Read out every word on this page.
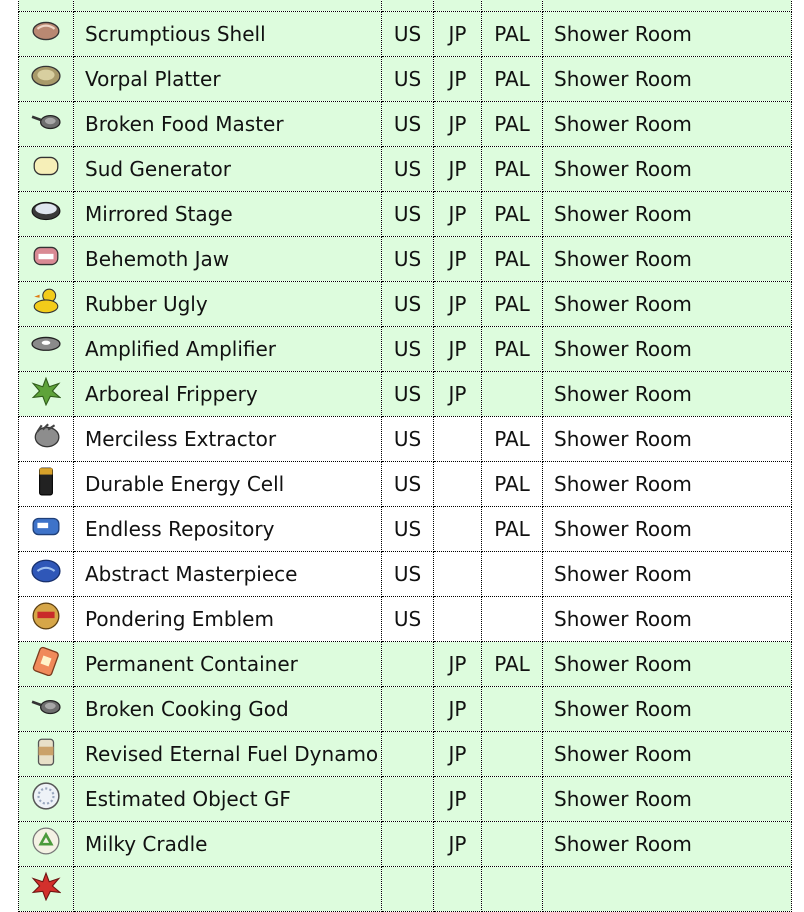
	Scrumptious Shell	US	JP	PAL	Shower Room

	Vorpal Platter	US	JP	PAL	Shower Room

	Broken Food Master	US	JP	PAL	Shower Room

	Sud Generator	US	JP	PAL	Shower Room

	Mirrored Stage	US	JP	PAL	Shower Room

	Behemoth Jaw	US	JP	PAL	Shower Room

	Rubber Ugly	US	JP	PAL	Shower Room

	Amplified Amplifier	US	JP	PAL	Shower Room

	Arboreal Frippery	US	JP		Shower Room

	Merciless Extractor	US		PAL	Shower Room

	Durable Energy Cell	US		PAL	Shower Room

	Endless Repository	US		PAL	Shower Room

	Abstract Masterpiece	US			Shower Room

	Pondering Emblem	US			Shower Room

	Permanent Container		JP	PAL	Shower Room

	Broken Cooking God		JP		Shower Room

	Revised Eternal Fuel Dynamo		JP		Shower Room

	Estimated Object GF		JP		Shower Room

	Milky Cradle		JP		Shower Room
